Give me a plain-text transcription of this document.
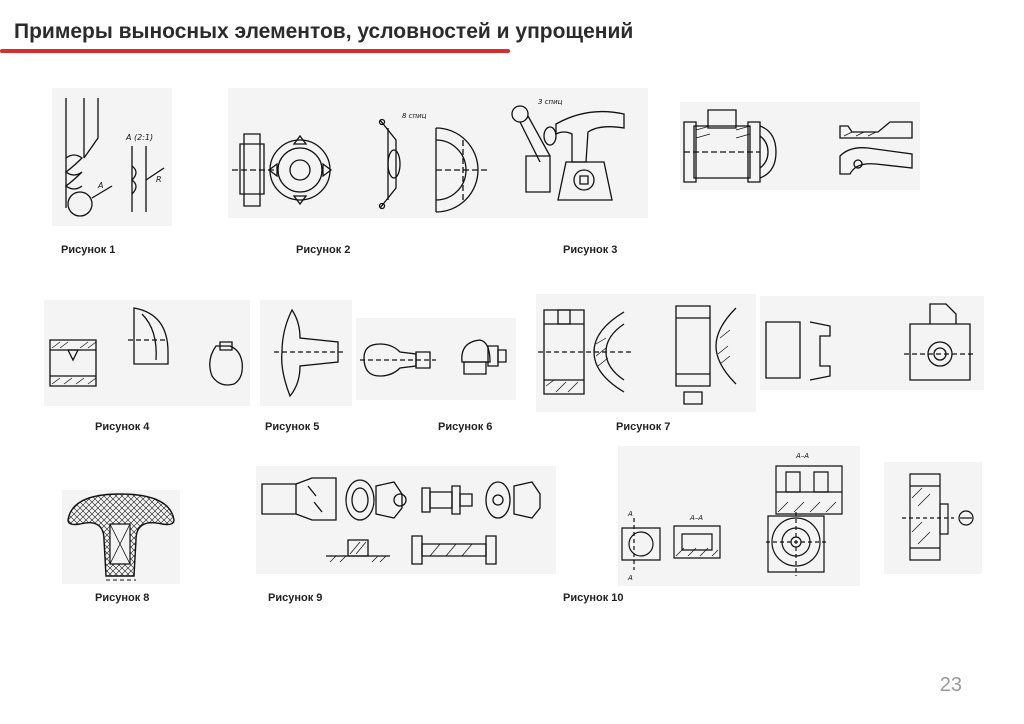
Примеры выносных элементов, условностей и упрощений
A (2:1)
A
R
8 спиц
3 спиц
A–A
A–A
A
A
Рисунок 1	Рисунок 2	Рисунок 3
Рисунок 4	Рисунок 5	Рисунок 6	Рисунок 7
Рисунок 8	Рисунок 9	Рисунок 10
23
